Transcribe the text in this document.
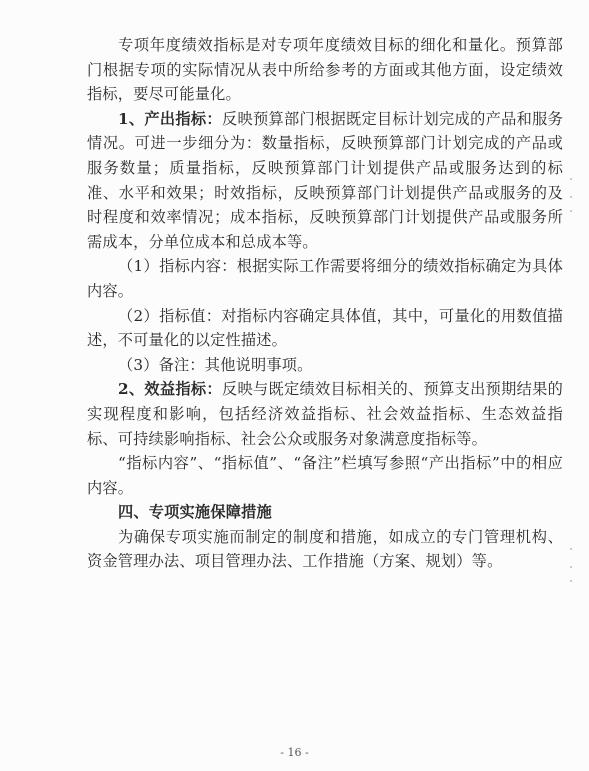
专项年度绩效指标是对专项年度绩效目标的细化和量化。预算部门根据专项的实际情况从表中所给参考的方面或其他方面，设定绩效指标，要尽可能量化。

1、产出指标：反映预算部门根据既定目标计划完成的产品和服务情况。可进一步细分为：数量指标，反映预算部门计划完成的产品或服务数量；质量指标，反映预算部门计划提供产品或服务达到的标准、水平和效果；时效指标，反映预算部门计划提供产品或服务的及时程度和效率情况；成本指标，反映预算部门计划提供产品或服务所需成本，分单位成本和总成本等。

（1）指标内容：根据实际工作需要将细分的绩效指标确定为具体内容。

（2）指标值：对指标内容确定具体值，其中，可量化的用数值描述，不可量化的以定性描述。

（3）备注：其他说明事项。

2、效益指标：反映与既定绩效目标相关的、预算支出预期结果的实现程度和影响，包括经济效益指标、社会效益指标、生态效益指标、可持续影响指标、社会公众或服务对象满意度指标等。

“指标内容”、“指标值”、“备注”栏填写参照“产出指标”中的相应内容。

四、专项实施保障措施

为确保专项实施而制定的制度和措施，如成立的专门管理机构、资金管理办法、项目管理办法、工作措施（方案、规划）等。

- 16 -
